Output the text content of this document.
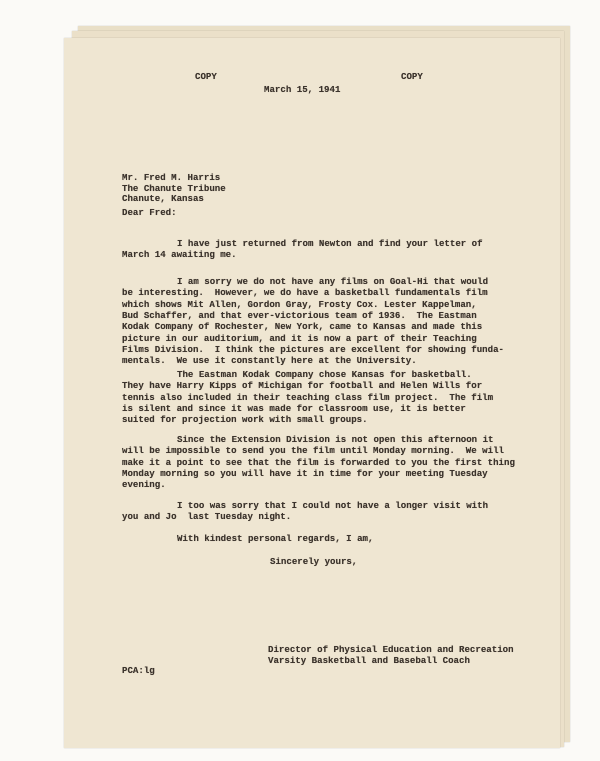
COPY	COPY
March 15, 1941
Mr. Fred M. Harris
The Chanute Tribune
Chanute, Kansas
Dear Fred:
I have just returned from Newton and find your letter of
March 14 awaiting me.
I am sorry we do not have any films on Goal-Hi that would
be interesting.  However, we do have a basketball fundamentals film
which shows Mit Allen, Gordon Gray, Frosty Cox. Lester Kappelman,
Bud Schaffer, and that ever-victorious team of 1936.  The Eastman
Kodak Company of Rochester, New York, came to Kansas and made this
picture in our auditorium, and it is now a part of their Teaching
Films Division.  I think the pictures are excellent for showing funda-
mentals.  We use it constantly here at the University.
The Eastman Kodak Company chose Kansas for basketball.
They have Harry Kipps of Michigan for football and Helen Wills for
tennis also included in their teaching class film project.  The film
is silent and since it was made for classroom use, it is better
suited for projection work with small groups.
Since the Extension Division is not open this afternoon it
will be impossible to send you the film until Monday morning.  We will
make it a point to see that the film is forwarded to you the first thing
Monday morning so you will have it in time for your meeting Tuesday
evening.
I too was sorry that I could not have a longer visit with
you and Jo  last Tuesday night.
With kindest personal regards, I am,
Sincerely yours,
Director of Physical Education and Recreation
Varsity Basketball and Baseball Coach
PCA:lg
